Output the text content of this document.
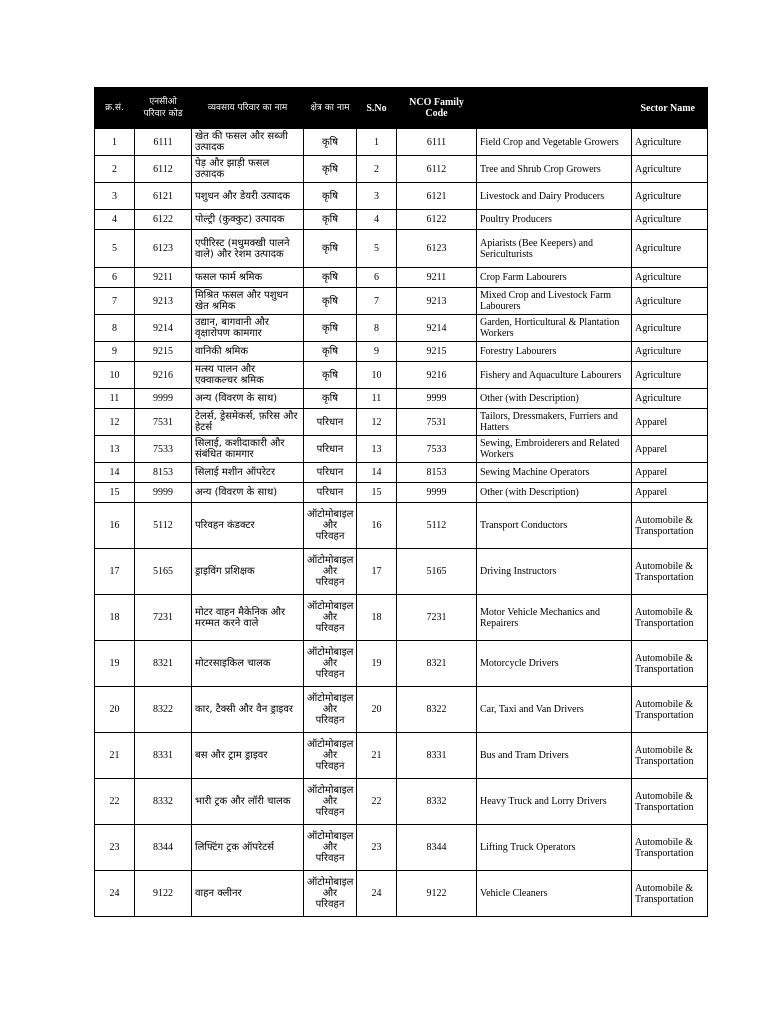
क्र.सं.	एनसीओ परिवार कोड	व्यवसाय परिवार का नाम	क्षेत्र का नाम	S.No	NCO Family Code		Sector Name
1	6111	खेत की फसल और सब्जी उत्पादक	कृषि	1	6111	Field Crop and Vegetable Growers	Agriculture
2	6112	पेड़ और झाड़ी फसल उत्पादक	कृषि	2	6112	Tree and Shrub Crop Growers	Agriculture
3	6121	पशुधन और डेयरी उत्पादक	कृषि	3	6121	Livestock and Dairy Producers	Agriculture
4	6122	पोल्ट्री (कुक्कुट) उत्पादक	कृषि	4	6122	Poultry Producers	Agriculture
5	6123	एपीरिस्ट (मधुमक्खी पालने वाले) और रेशम उत्पादक	कृषि	5	6123	Apiarists (Bee Keepers) and Sericulturists	Agriculture
6	9211	फसल फार्म श्रमिक	कृषि	6	9211	Crop Farm Labourers	Agriculture
7	9213	मिश्रित फसल और पशुधन खेत श्रमिक	कृषि	7	9213	Mixed Crop and Livestock Farm Labourers	Agriculture
8	9214	उद्यान, बागवानी और वृक्षारोपण कामगार	कृषि	8	9214	Garden, Horticultural & Plantation Workers	Agriculture
9	9215	वानिकी श्रमिक	कृषि	9	9215	Forestry Labourers	Agriculture
10	9216	मत्स्य पालन और एक्वाकल्चर श्रमिक	कृषि	10	9216	Fishery and Aquaculture Labourers	Agriculture
11	9999	अन्य (विवरण के साथ)	कृषि	11	9999	Other (with Description)	Agriculture
12	7531	टेलर्स, ड्रेसमेकर्स, फ़रिस और हेटर्स	परिधान	12	7531	Tailors, Dressmakers, Furriers and Hatters	Apparel
13	7533	सिलाई, कशीदाकारी और संबंधित कामगार	परिधान	13	7533	Sewing, Embroiderers and Related Workers	Apparel
14	8153	सिलाई मशीन ऑपरेटर	परिधान	14	8153	Sewing Machine Operators	Apparel
15	9999	अन्य (विवरण के साथ)	परिधान	15	9999	Other (with Description)	Apparel
16	5112	परिवहन कंडक्टर	ऑटोमोबाइल और परिवहन	16	5112	Transport Conductors	Automobile & Transportation
17	5165	ड्राइविंग प्रशिक्षक	ऑटोमोबाइल और परिवहन	17	5165	Driving Instructors	Automobile & Transportation
18	7231	मोटर वाहन मैकेनिक और मरम्मत करने वाले	ऑटोमोबाइल और परिवहन	18	7231	Motor Vehicle Mechanics and Repairers	Automobile & Transportation
19	8321	मोटरसाइकिल चालक	ऑटोमोबाइल और परिवहन	19	8321	Motorcycle Drivers	Automobile & Transportation
20	8322	कार, टैक्सी और वैन ड्राइवर	ऑटोमोबाइल और परिवहन	20	8322	Car, Taxi and Van Drivers	Automobile & Transportation
21	8331	बस और ट्राम ड्राइवर	ऑटोमोबाइल और परिवहन	21	8331	Bus and Tram Drivers	Automobile & Transportation
22	8332	भारी ट्रक और लॉरी चालक	ऑटोमोबाइल और परिवहन	22	8332	Heavy Truck and Lorry Drivers	Automobile & Transportation
23	8344	लिफ्टिंग ट्रक ऑपरेटर्स	ऑटोमोबाइल और परिवहन	23	8344	Lifting Truck Operators	Automobile & Transportation
24	9122	वाहन क्लीनर	ऑटोमोबाइल और परिवहन	24	9122	Vehicle Cleaners	Automobile & Transportation
